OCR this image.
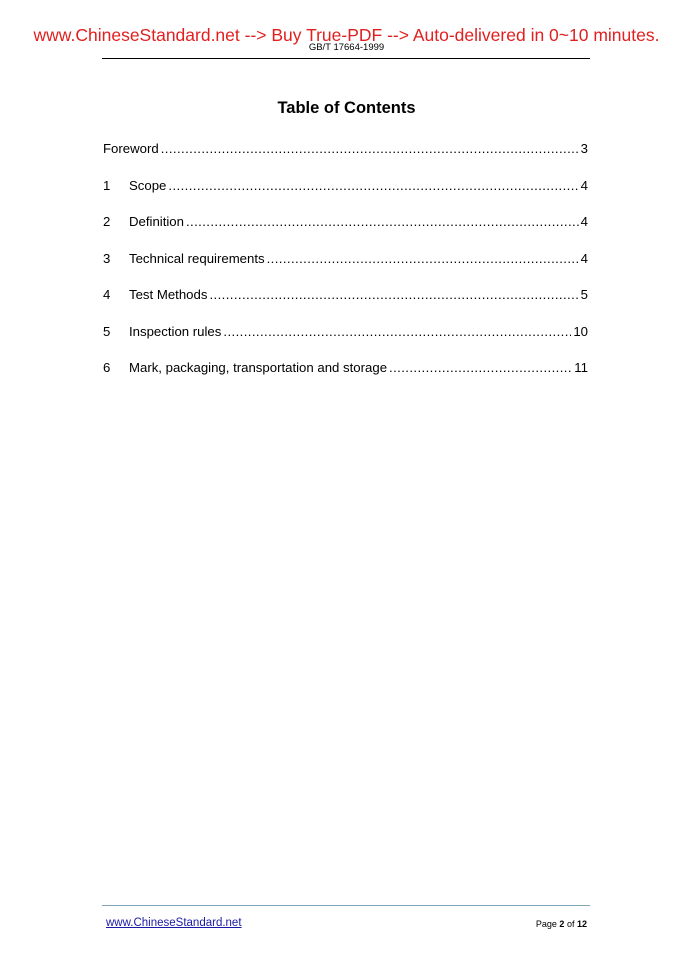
www.ChineseStandard.net --> Buy True-PDF --> Auto-delivered in 0~10 minutes.
GB/T 17664-1999
Table of Contents
Foreword .....	3
1	Scope .....	4
2	Definition .....	4
3	Technical requirements .....	4
4	Test Methods .....	5
5	Inspection rules .....	10
6	Mark, packaging, transportation and storage .....	11
www.ChineseStandard.net	Page 2 of 12
